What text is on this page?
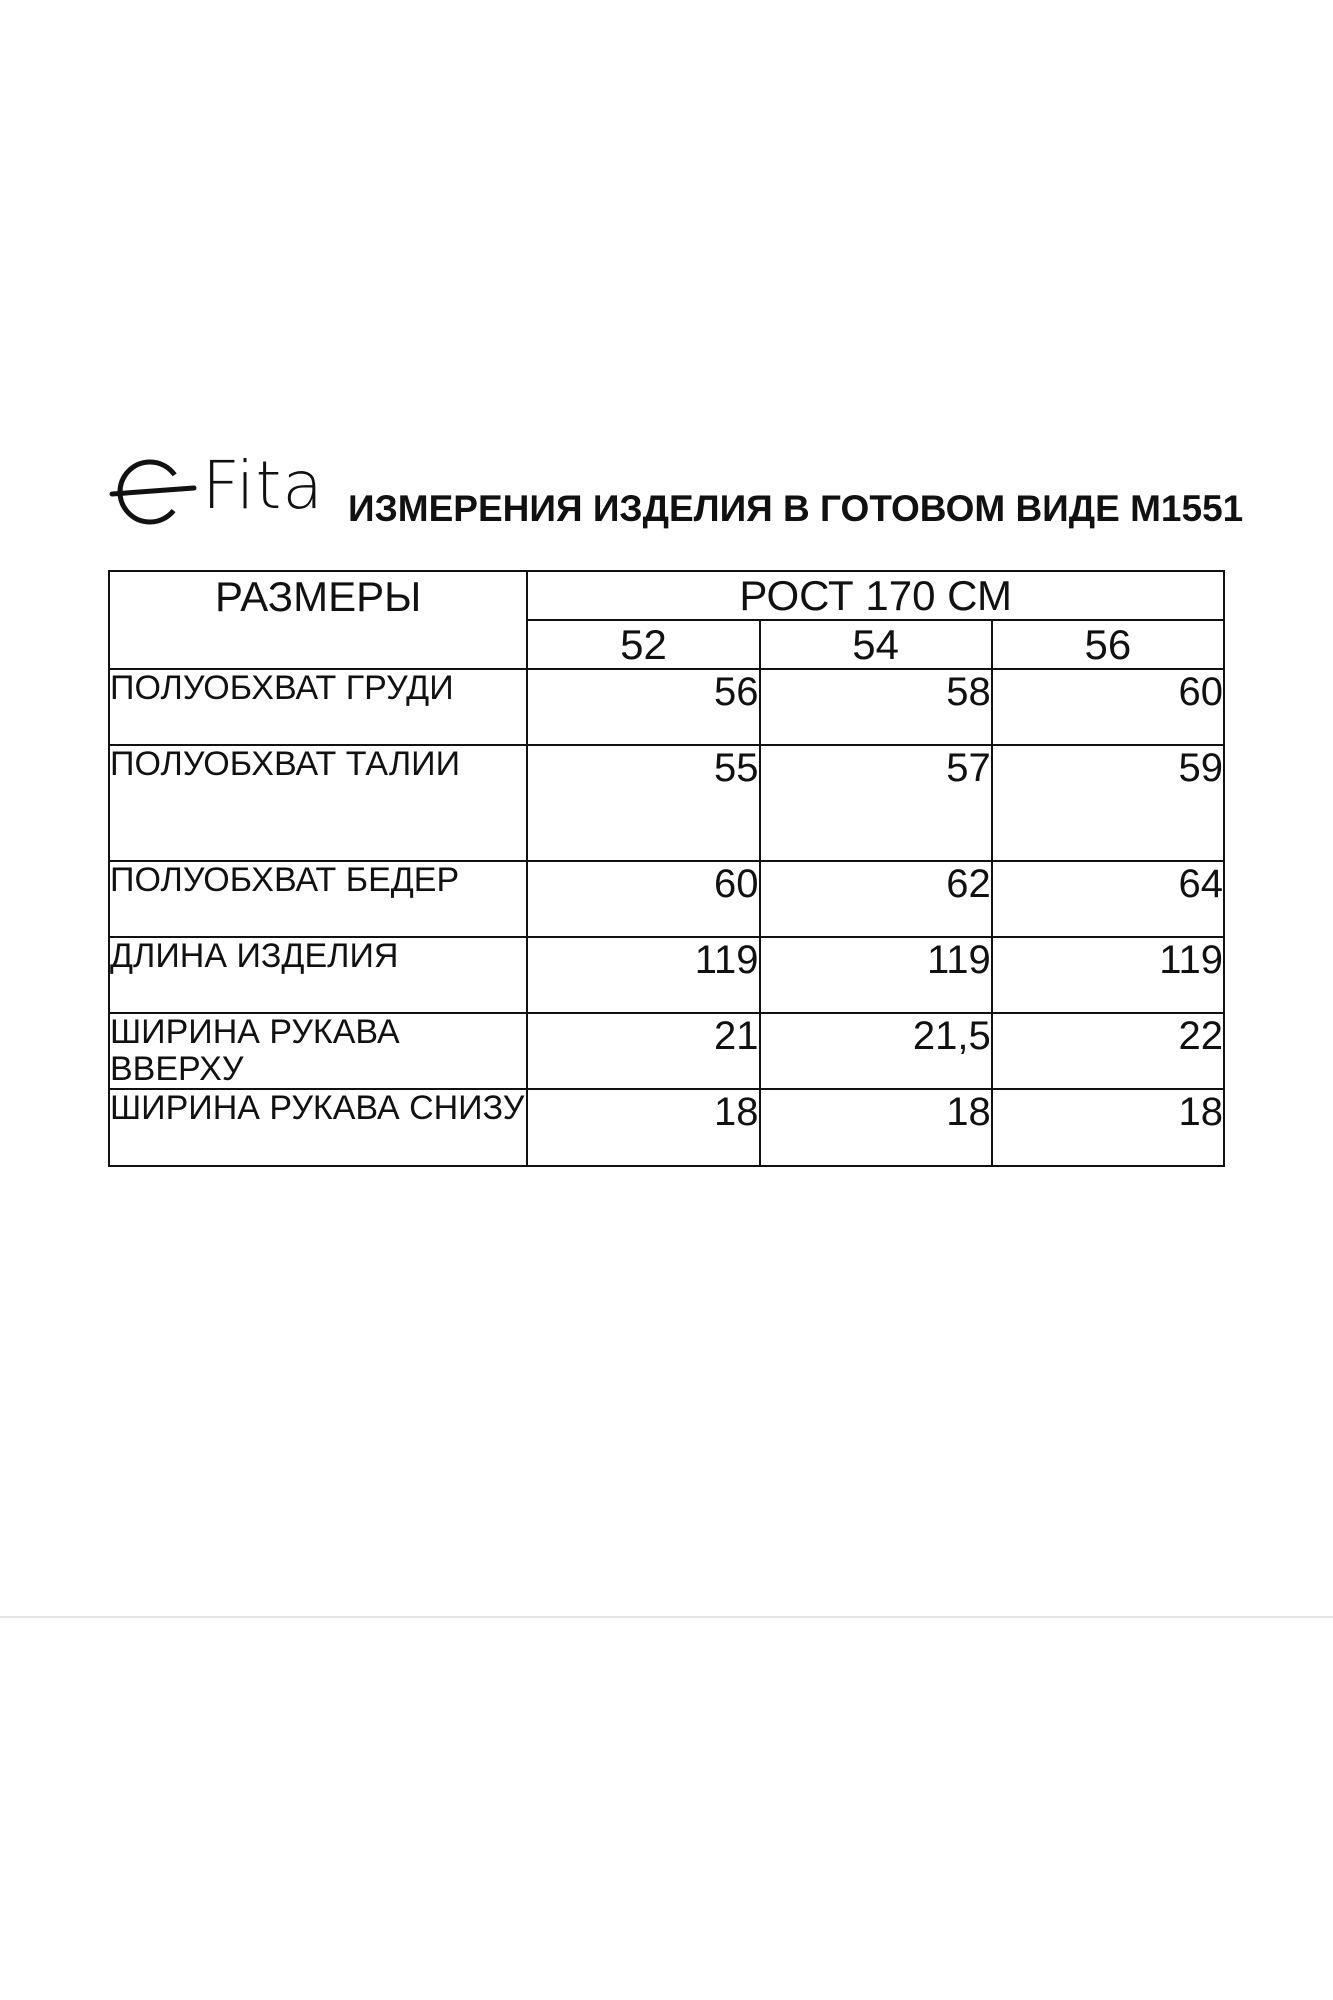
Fita ИЗМЕРЕНИЯ ИЗДЕЛИЯ В ГОТОВОМ ВИДЕ М1551
РАЗМЕРЫ	РОСТ 170 СМ		
	52	54	56
ПОЛУОБХВАТ ГРУДИ	56	58	60
ПОЛУОБХВАТ ТАЛИИ	55	57	59
ПОЛУОБХВАТ БЕДЕР	60	62	64
ДЛИНА ИЗДЕЛИЯ	119	119	119
ШИРИНА РУКАВА ВВЕРХУ	21	21,5	22
ШИРИНА РУКАВА СНИЗУ	18	18	18
